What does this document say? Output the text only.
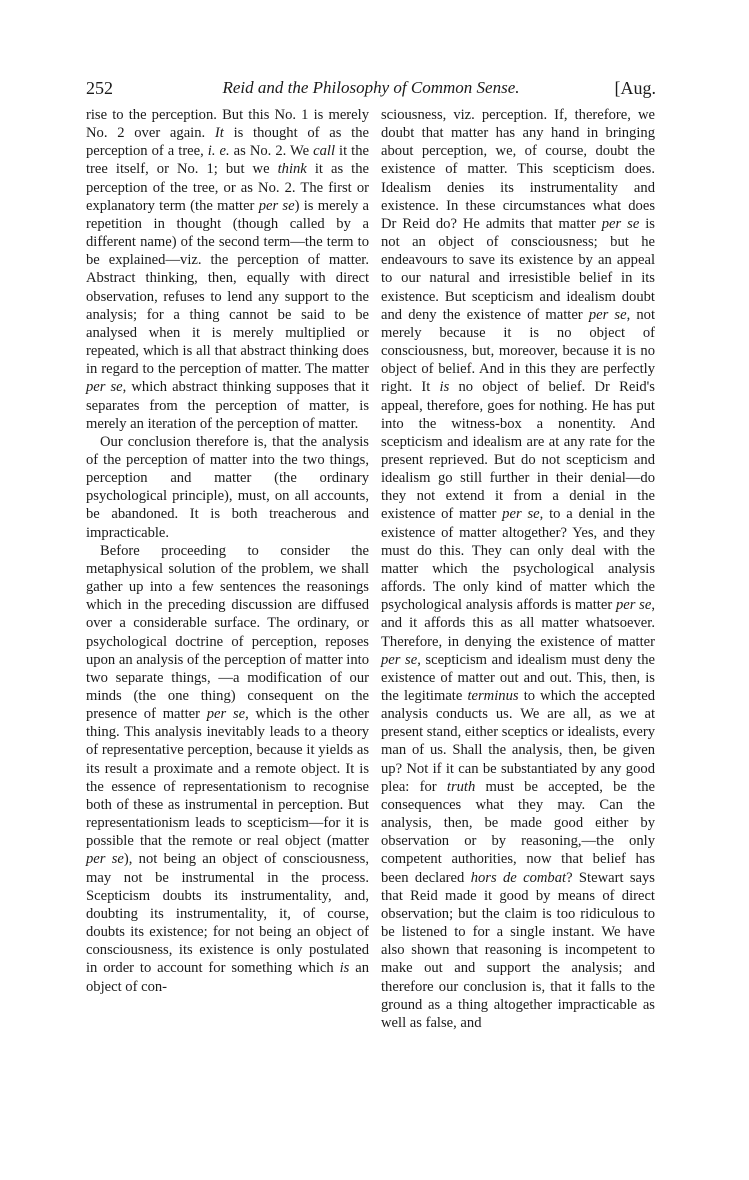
252	Reid and the Philosophy of Common Sense.	[Aug.

rise to the perception. But this No. 1 is merely No. 2 over again. It is thought of as the perception of a tree, i. e. as No. 2. We call it the tree itself, or No. 1; but we think it as the perception of the tree, or as No. 2. The first or explanatory term (the matter per se) is merely a repetition in thought (though called by a different name) of the second term—the term to be explained—viz. the perception of matter. Abstract thinking, then, equally with direct observation, refuses to lend any support to the analysis; for a thing cannot be said to be analysed when it is merely multiplied or repeated, which is all that abstract thinking does in regard to the perception of matter. The matter per se, which abstract thinking supposes that it separates from the perception of matter, is merely an iteration of the perception of matter.

Our conclusion therefore is, that the analysis of the perception of matter into the two things, perception and matter (the ordinary psychological principle), must, on all accounts, be abandoned. It is both treacherous and impracticable.

Before proceeding to consider the metaphysical solution of the problem, we shall gather up into a few sentences the reasonings which in the preceding discussion are diffused over a considerable surface. The ordinary, or psychological doctrine of perception, reposes upon an analysis of the perception of matter into two separate things, —a modification of our minds (the one thing) consequent on the presence of matter per se, which is the other thing. This analysis inevitably leads to a theory of representative perception, because it yields as its result a proximate and a remote object. It is the essence of representationism to recognise both of these as instrumental in perception. But representationism leads to scepticism—for it is possible that the remote or real object (matter per se), not being an object of consciousness, may not be instrumental in the process. Scepticism doubts its instrumentality, and, doubting its instrumentality, it, of course, doubts its existence; for not being an object of consciousness, its existence is only postulated in order to account for something which is an object of con-

sciousness, viz. perception. If, therefore, we doubt that matter has any hand in bringing about perception, we, of course, doubt the existence of matter. This scepticism does. Idealism denies its instrumentality and existence. In these circumstances what does Dr Reid do? He admits that matter per se is not an object of consciousness; but he endeavours to save its existence by an appeal to our natural and irresistible belief in its existence. But scepticism and idealism doubt and deny the existence of matter per se, not merely because it is no object of consciousness, but, moreover, because it is no object of belief. And in this they are perfectly right. It is no object of belief. Dr Reid's appeal, therefore, goes for nothing. He has put into the witness-box a nonentity. And scepticism and idealism are at any rate for the present reprieved. But do not scepticism and idealism go still further in their denial—do they not extend it from a denial in the existence of matter per se, to a denial in the existence of matter altogether? Yes, and they must do this. They can only deal with the matter which the psychological analysis affords. The only kind of matter which the psychological analysis affords is matter per se, and it affords this as all matter whatsoever. Therefore, in denying the existence of matter per se, scepticism and idealism must deny the existence of matter out and out. This, then, is the legitimate terminus to which the accepted analysis conducts us. We are all, as we at present stand, either sceptics or idealists, every man of us. Shall the analysis, then, be given up? Not if it can be substantiated by any good plea: for truth must be accepted, be the consequences what they may. Can the analysis, then, be made good either by observation or by reasoning,—the only competent authorities, now that belief has been declared hors de combat? Stewart says that Reid made it good by means of direct observation; but the claim is too ridiculous to be listened to for a single instant. We have also shown that reasoning is incompetent to make out and support the analysis; and therefore our conclusion is, that it falls to the ground as a thing altogether impracticable as well as false, and
